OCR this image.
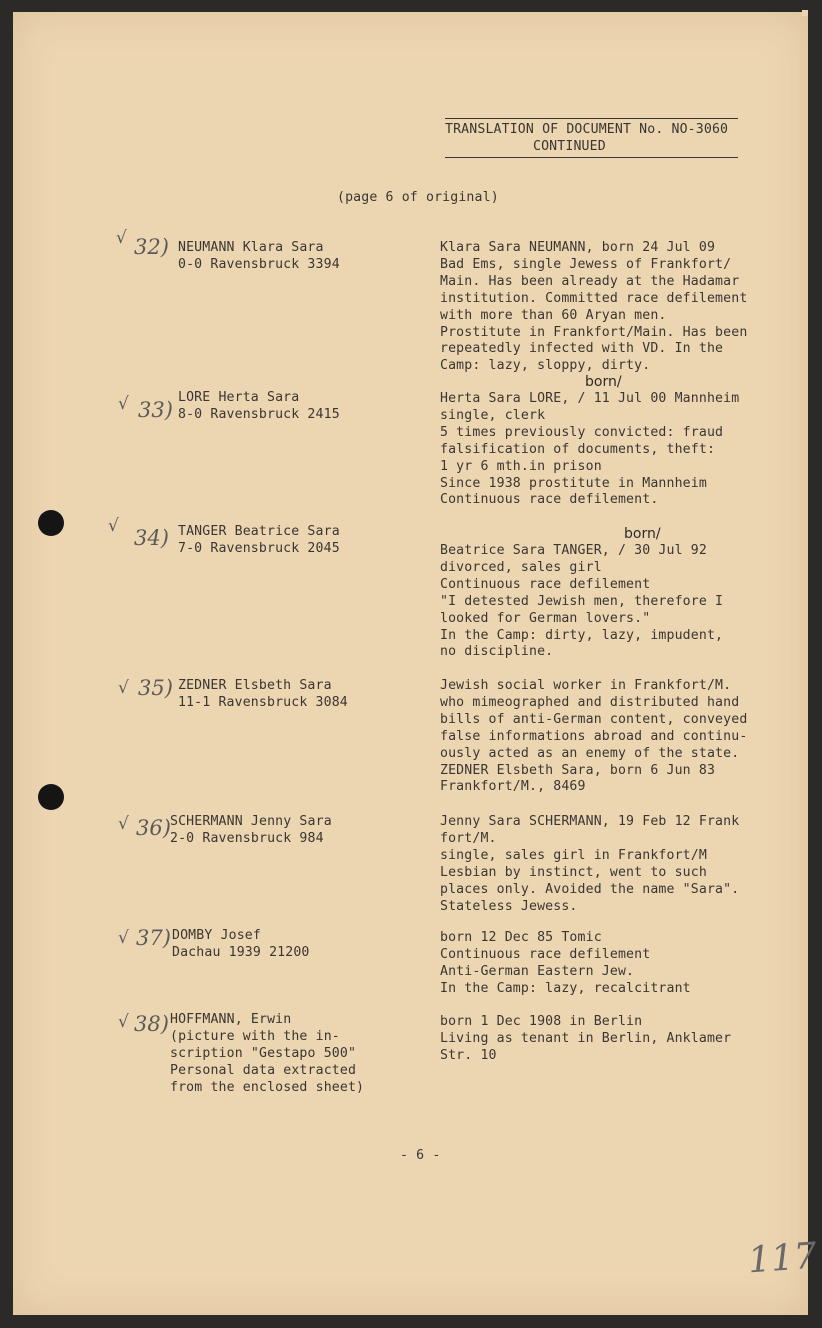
TRANSLATION OF DOCUMENT No. NO-3060
CONTINUED
(page 6 of original)
√ 32) NEUMANN Klara Sara
0-0 Ravensbruck 3394
Klara Sara NEUMANN, born 24 Jul 09
Bad Ems, single Jewess of Frankfort/
Main. Has been already at the Hadamar
institution. Committed race defilement
with more than 60 Aryan men.
Prostitute in Frankfort/Main. Has been
repeatedly infected with VD. In the
Camp: lazy, sloppy, dirty.
√ 33)
LORE Herta Sara
8-0 Ravensbruck 2415
born/
Herta Sara LORE, / 11 Jul 00 Mannheim
single, clerk
5 times previously convicted: fraud
falsification of documents, theft:
1 yr 6 mth.in prison
Since 1938 prostitute in Mannheim
Continuous race defilement.
√ 34) TANGER Beatrice Sara
7-0 Ravensbruck 2045
born/
Beatrice Sara TANGER, / 30 Jul 92
divorced, sales girl
Continuous race defilement
"I detested Jewish men, therefore I
looked for German lovers."
In the Camp: dirty, lazy, impudent,
no discipline.
√ 35) ZEDNER Elsbeth Sara
11-1 Ravensbruck 3084
Jewish social worker in Frankfort/M.
who mimeographed and distributed hand
bills of anti-German content, conveyed
false informations abroad and continu-
ously acted as an enemy of the state.
ZEDNER Elsbeth Sara, born 6 Jun 83
Frankfort/M., 8469
√ 36) SCHERMANN Jenny Sara
2-0 Ravensbruck 984
Jenny Sara SCHERMANN, 19 Feb 12 Frank
fort/M.
single, sales girl in Frankfort/M
Lesbian by instinct, went to such
places only. Avoided the name "Sara".
Stateless Jewess.
√ 37) DOMBY Josef
Dachau 1939 21200
born 12 Dec 85 Tomic
Continuous race defilement
Anti-German Eastern Jew.
In the Camp: lazy, recalcitrant
√ 38) HOFFMANN, Erwin
(picture with the in-
scription "Gestapo 500"
Personal data extracted
from the enclosed sheet)
born 1 Dec 1908 in Berlin
Living as tenant in Berlin, Anklamer
Str. 10
- 6 -
117
